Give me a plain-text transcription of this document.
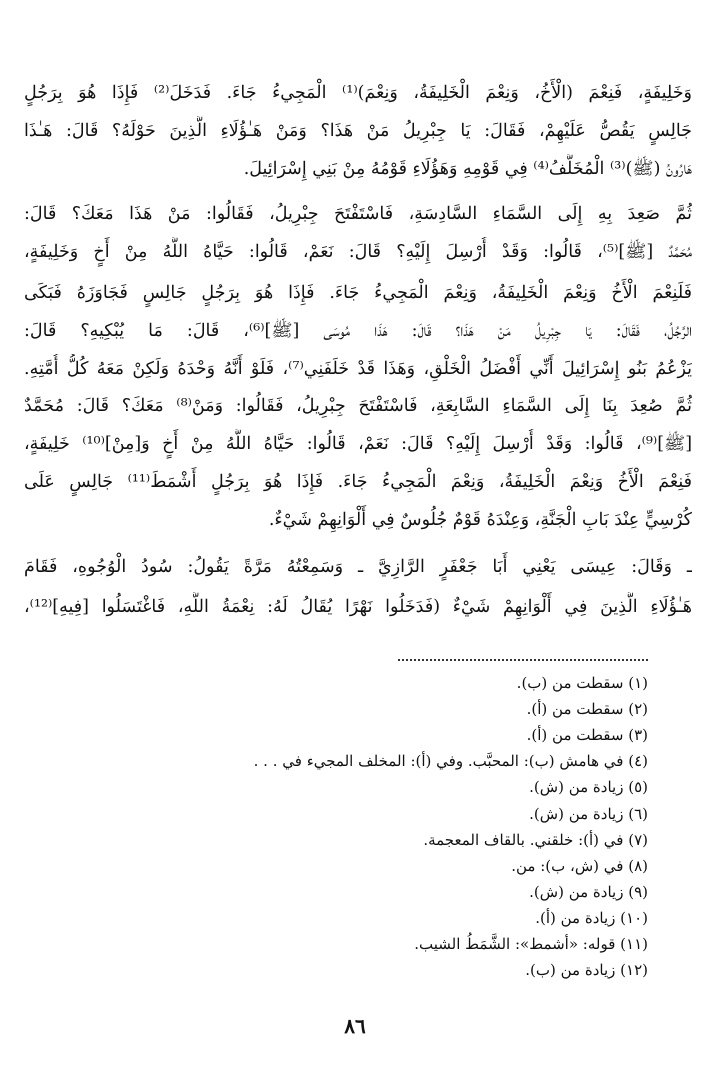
وَخَلِيفَةٍ، فَنِعْمَ (الْأَخُ، وَنِعْمَ الْخَلِيفَةُ، وَنِعْمَ)⁽¹⁾ الْمَجِيءُ جَاءَ. فَدَخَلَ⁽²⁾ فَإِذَا هُوَ بِرَجُلٍ
جَالِسٍ يَقُصُّ عَلَيْهِمْ، فَقَالَ: يَا جِبْرِيلُ مَنْ هَذَا؟ وَمَنْ هَـٰؤُلَاءِ الَّذِينَ حَوْلَهُ؟ قَالَ: هَـٰذَا
هَارُونُ (ﷺ)⁽³⁾ الْمُخَلَّفُ⁽⁴⁾ فِي قَوْمِهِ وَهَؤُلَاءِ قَوْمُهُ مِنْ بَنِي إِسْرَائِيلَ.
ثُمَّ صَعِدَ بِهِ إِلَى السَّمَاءِ السَّادِسَةِ، فَاسْتَفْتَحَ جِبْرِيلُ، فَقَالُوا: مَنْ هَذَا مَعَكَ؟ قَالَ:
مُحَمَّدٌ [ﷺ]⁽⁵⁾، قَالُوا: وَقَدْ أُرْسِلَ إِلَيْهِ؟ قَالَ: نَعَمْ، قَالُوا: حَيَّاهُ اللَّهُ مِنْ أَخٍ وَخَلِيفَةٍ،
فَلَنِعْمَ الْأَخُ وَنِعْمَ الْخَلِيفَةُ، وَنِعْمَ الْمَجِيءُ جَاءَ. فَإِذَا هُوَ بِرَجُلٍ جَالِسٍ فَجَاوَزَهُ فَبَكَى
الرَّجُلُ، فَقَالَ: يَا جِبْرِيلُ مَنْ هَذَا؟ قَالَ: هَذَا مُوسَى [ﷺ]⁽⁶⁾، قَالَ: مَا يُبْكِيهِ؟ قَالَ:
يَزْعُمُ بَنُو إِسْرَائِيلَ أَنِّي أَفْضَلُ الْخَلْقِ، وَهَذَا قَدْ خَلَفَنِي⁽⁷⁾، فَلَوْ أَنَّهُ وَحْدَهُ وَلَكِنْ مَعَهُ كُلُّ أُمَّتِهِ.
ثُمَّ صُعِدَ بِنَا إِلَى السَّمَاءِ السَّابِعَةِ، فَاسْتَفْتَحَ جِبْرِيلُ، فَقَالُوا: وَمَنْ⁽⁸⁾ مَعَكَ؟ قَالَ: مُحَمَّدٌ
[ﷺ]⁽⁹⁾، قَالُوا: وَقَدْ أُرْسِلَ إِلَيْهِ؟ قَالَ: نَعَمْ، قَالُوا: حَيَّاهُ اللَّهُ مِنْ أَخٍ وَ[مِنْ]⁽¹⁰⁾ خَلِيفَةٍ،
فَنِعْمَ الْأَخُ وَنِعْمَ الْخَلِيفَةُ، وَنِعْمَ الْمَجِيءُ جَاءَ. فَإِذَا هُوَ بِرَجُلٍ أَشْمَطَ⁽¹¹⁾ جَالِسٍ عَلَى
كُرْسِيٍّ عِنْدَ بَابِ الْجَنَّةِ، وَعِنْدَهُ قَوْمٌ جُلُوسٌ فِي أَلْوَانِهِمْ شَيْءٌ.
ـ وَقَالَ: عِيسَى يَعْنِي أَبَا جَعْفَرٍ الرَّازِيَّ ـ وَسَمِعْتُهُ مَرَّةً يَقُولُ: سُودُ الْوُجُوهِ، فَقَامَ
هَـٰؤُلَاءِ الَّذِينَ فِي أَلْوَانِهِمْ شَيْءٌ (فَدَخَلُوا نَهْرًا يُقَالُ لَهُ: نِعْمَةُ اللَّهِ، فَاغْتَسَلُوا [فِيهِ]⁽¹²⁾،
(١) سقطت من (ب).
(٢) سقطت من (أ).
(٣) سقطت من (أ).
(٤) في هامش (ب): المحبَّب. وفي (أ): المخلف المجيء في . . .
(٥) زيادة من (ش).
(٦) زيادة من (ش).
(٧) في (أ): خلقني. بالقاف المعجمة.
(٨) في (ش، ب): من.
(٩) زيادة من (ش).
(١٠) زيادة من (أ).
(١١) قوله: «أشمط»: الشَّمَطُ الشيب.
(١٢) زيادة من (ب).
٨٦
